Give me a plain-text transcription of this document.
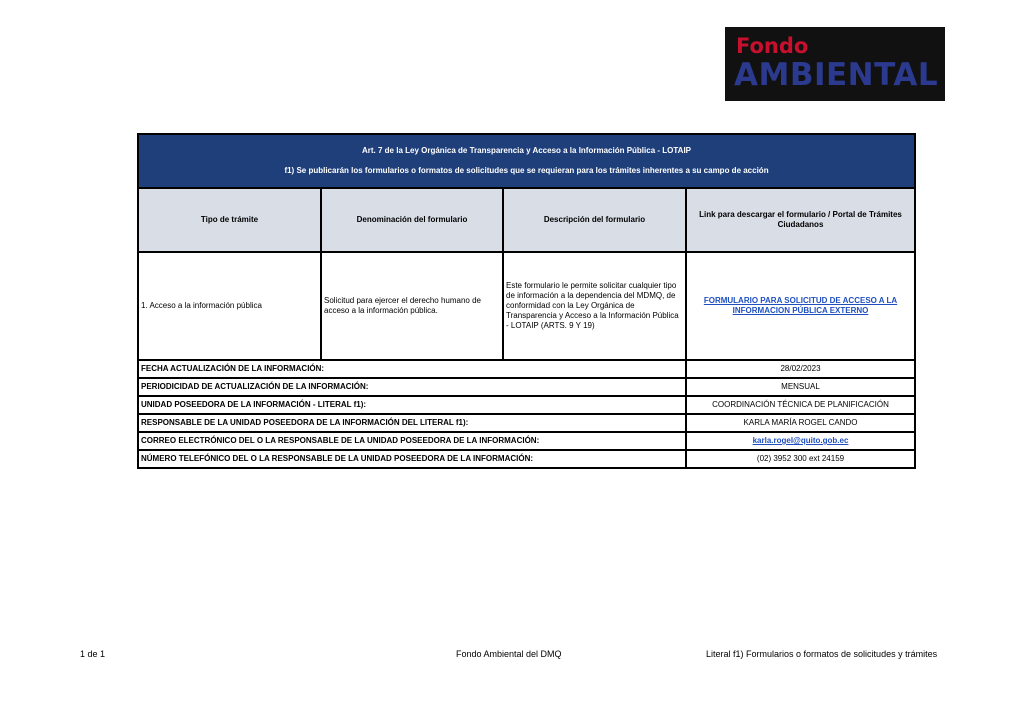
Fondo
AMBIENTAL
Art. 7 de la Ley Orgánica de Transparencia y Acceso a la Información Pública - LOTAIP
f1) Se publicarán los formularios o formatos de solicitudes que se requieran para los trámites inherentes a su campo de acción			

Tipo de trámite	Denominación del formulario	Descripción del formulario	Link para descargar el formulario / Portal de Trámites Ciudadanos
1. Acceso a la información pública	Solicitud para ejercer el derecho humano de acceso a la información pública.	Este formulario le permite solicitar cualquier tipo de información a la dependencia del MDMQ, de conformidad con la Ley Orgánica de Transparencia y Acceso a la Información Pública - LOTAIP (ARTS. 9 Y 19)	FORMULARIO PARA SOLICITUD DE ACCESO A LA INFORMACION PÚBLICA EXTERNO
FECHA ACTUALIZACIÓN DE LA INFORMACIÓN:			28/02/2023
PERIODICIDAD DE ACTUALIZACIÓN DE LA INFORMACIÓN:			MENSUAL
UNIDAD POSEEDORA DE LA INFORMACIÓN - LITERAL f1):			COORDINACIÓN TÉCNICA DE PLANIFICACIÓN
RESPONSABLE DE LA UNIDAD POSEEDORA DE LA INFORMACIÓN DEL LITERAL f1):			KARLA MARÍA ROGEL CANDO
CORREO ELECTRÓNICO DEL O LA RESPONSABLE DE LA UNIDAD POSEEDORA DE LA INFORMACIÓN:			karla.rogel@quito.gob.ec
NÚMERO TELEFÓNICO DEL O LA RESPONSABLE DE LA UNIDAD POSEEDORA DE LA INFORMACIÓN:			(02) 3952 300 ext 24159
1 de 1	Fondo Ambiental del DMQ	Literal f1) Formularios o formatos de solicitudes y trámites
